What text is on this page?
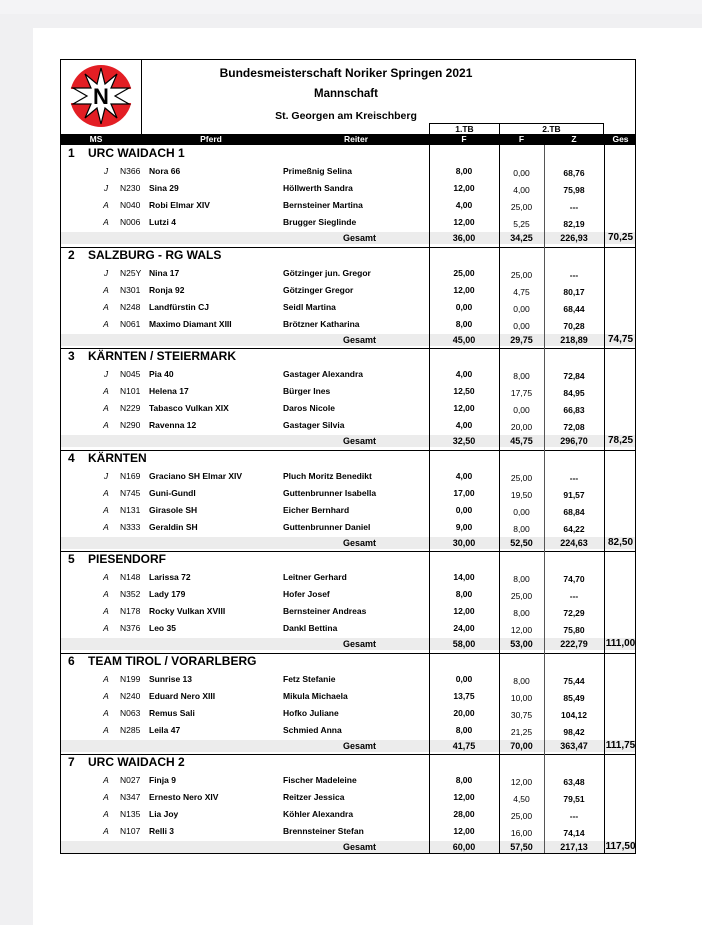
N
Bundesmeisterschaft Noriker Springen 2021
Mannschaft
St. Georgen am Kreischberg
1.TB	2.TB
MS	Pferd	Reiter	F	F	Z	Ges
1 URC WAIDACH 1
J	N366 Nora 66	Primeßnig Selina	8,00	0,00	68,76
J	N230 Sina 29	Höllwerth Sandra	12,00	4,00	75,98
A	N040 Robi Elmar XIV	Bernsteiner Martina	4,00	25,00	---
A	N006 Lutzi 4	Brugger Sieglinde	12,00	5,25	82,19
Gesamt	36,00	34,25	226,93	70,25
2 SALZBURG - RG WALS
J	N25Y Nina 17	Götzinger jun. Gregor	25,00	25,00	---
A	N301 Ronja 92	Götzinger Gregor	12,00	4,75	80,17
A	N248 Landfürstin CJ	Seidl Martina	0,00	0,00	68,44
A	N061 Maximo Diamant XIII	Brötzner Katharina	8,00	0,00	70,28
Gesamt	45,00	29,75	218,89	74,75
3 KÄRNTEN / STEIERMARK
J	N045 Pia 40	Gastager Alexandra	4,00	8,00	72,84
A	N101 Helena 17	Bürger Ines	12,50	17,75	84,95
A	N229 Tabasco Vulkan XIX	Daros Nicole	12,00	0,00	66,83
A	N290 Ravenna 12	Gastager Silvia	4,00	20,00	72,08
Gesamt	32,50	45,75	296,70	78,25
4 KÄRNTEN
J	N169 Graciano SH Elmar XIV	Pluch Moritz Benedikt	4,00	25,00	---
A	N745 Guni-Gundl	Guttenbrunner Isabella	17,00	19,50	91,57
A	N131 Girasole SH	Eicher Bernhard	0,00	0,00	68,84
A	N333 Geraldin SH	Guttenbrunner Daniel	9,00	8,00	64,22
Gesamt	30,00	52,50	224,63	82,50
5 PIESENDORF
A	N148 Larissa 72	Leitner Gerhard	14,00	8,00	74,70
A	N352 Lady 179	Hofer Josef	8,00	25,00	---
A	N178 Rocky Vulkan XVIII	Bernsteiner Andreas	12,00	8,00	72,29
A	N376 Leo 35	Dankl Bettina	24,00	12,00	75,80
Gesamt	58,00	53,00	222,79	111,00
6 TEAM TIROL / VORARLBERG
A	N199 Sunrise 13	Fetz Stefanie	0,00	8,00	75,44
A	N240 Eduard Nero XIII	Mikula Michaela	13,75	10,00	85,49
A	N063 Remus Sali	Hofko Juliane	20,00	30,75	104,12
A	N285 Leila 47	Schmied Anna	8,00	21,25	98,42
Gesamt	41,75	70,00	363,47	111,75
7 URC WAIDACH 2
A	N027 Finja 9	Fischer Madeleine	8,00	12,00	63,48
A	N347 Ernesto Nero XIV	Reitzer Jessica	12,00	4,50	79,51
A	N135 Lia Joy	Köhler Alexandra	28,00	25,00	---
A	N107 Relli 3	Brennsteiner Stefan	12,00	16,00	74,14
Gesamt	60,00	57,50	217,13	117,50
